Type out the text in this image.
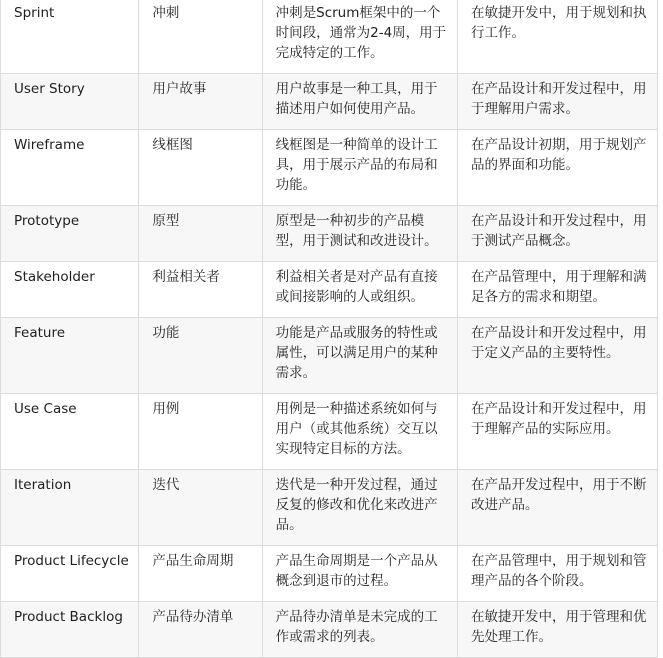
Sprint	冲刺	冲刺是Scrum框架中的一个时间段，通常为2-4周，用于完成特定的工作。	在敏捷开发中，用于规划和执行工作。
User Story	用户故事	用户故事是一种工具，用于描述用户如何使用产品。	在产品设计和开发过程中，用于理解用户需求。
Wireframe	线框图	线框图是一种简单的设计工具，用于展示产品的布局和功能。	在产品设计初期，用于规划产品的界面和功能。
Prototype	原型	原型是一种初步的产品模型，用于测试和改进设计。	在产品设计和开发过程中，用于测试产品概念。
Stakeholder	利益相关者	利益相关者是对产品有直接或间接影响的人或组织。	在产品管理中，用于理解和满足各方的需求和期望。
Feature	功能	功能是产品或服务的特性或属性，可以满足用户的某种需求。	在产品设计和开发过程中，用于定义产品的主要特性。
Use Case	用例	用例是一种描述系统如何与用户（或其他系统）交互以实现特定目标的方法。	在产品设计和开发过程中，用于理解产品的实际应用。
Iteration	迭代	迭代是一种开发过程，通过反复的修改和优化来改进产品。	在产品开发过程中，用于不断改进产品。
Product Lifecycle	产品生命周期	产品生命周期是一个产品从概念到退市的过程。	在产品管理中，用于规划和管理产品的各个阶段。
Product Backlog	产品待办清单	产品待办清单是未完成的工作或需求的列表。	在敏捷开发中，用于管理和优先处理工作。
